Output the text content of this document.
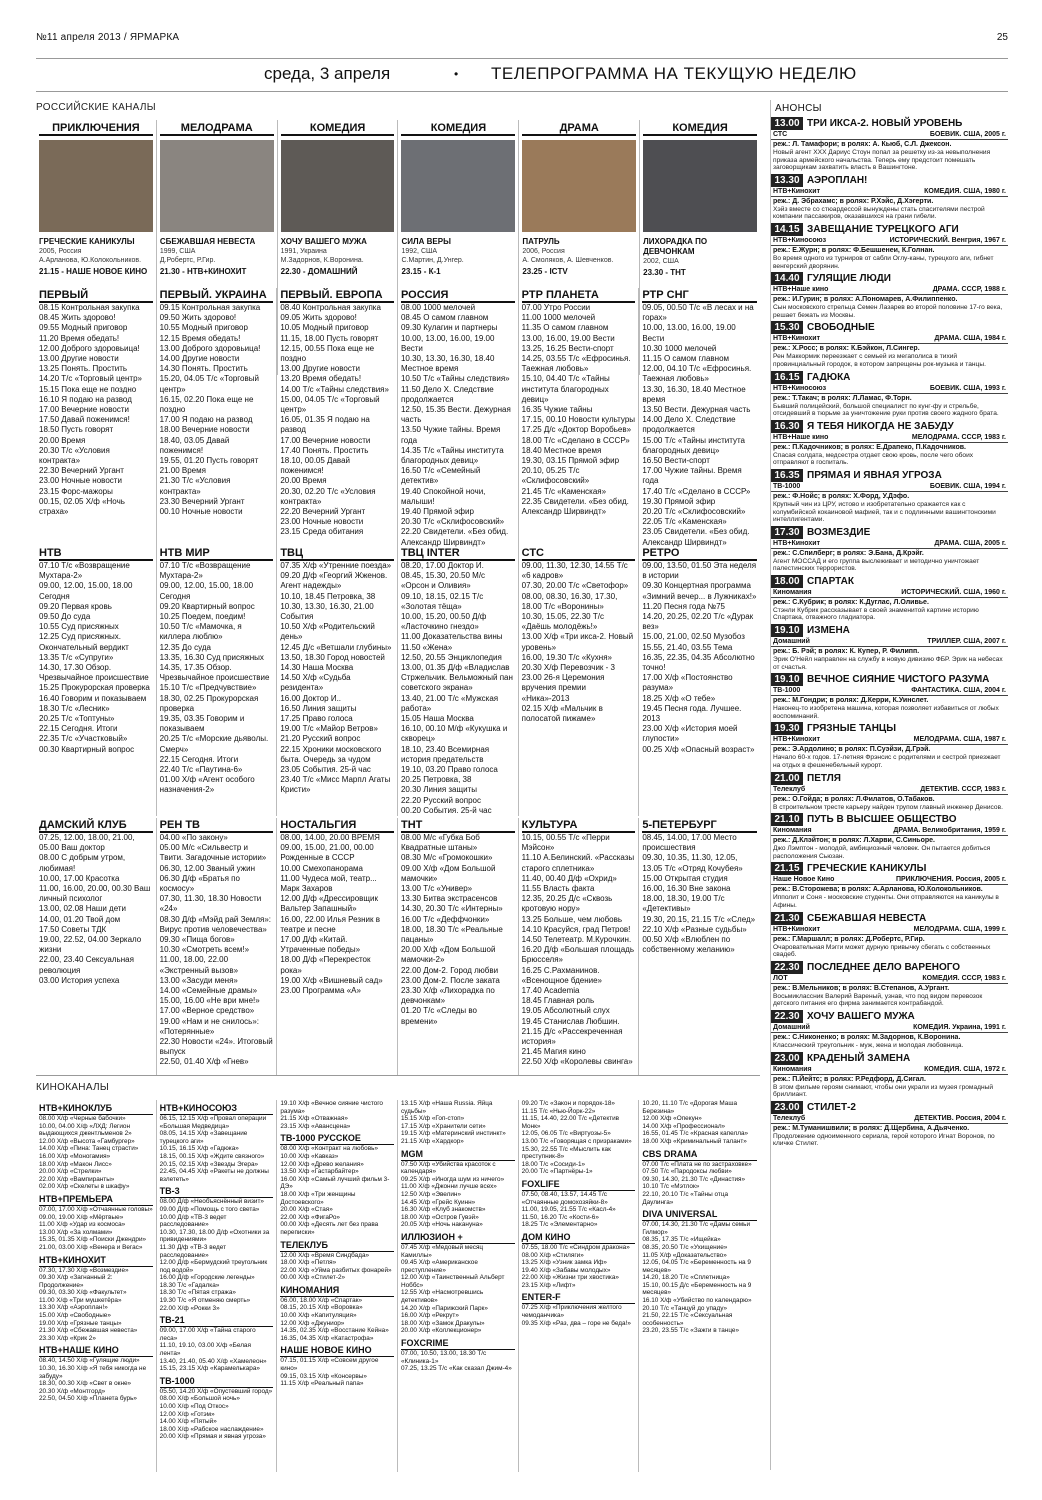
№11 апреля 2013 / ЯРМАРКА	25
среда, 3 апреля	• ТЕЛЕПРОГРАММА НА ТЕКУЩУЮ НЕДЕЛЮ
РОССИЙСКИЕ КАНАЛЫ
ПРИКЛЮЧЕНИЯ
ГРЕЧЕСКИЕ КАНИКУЛЫ
2005, Россия
А.Арланова, Ю.Колокольников.
21.15 - НАШЕ НОВОЕ КИНО
МЕЛОДРАМА
СБЕЖАВШАЯ НЕВЕСТА
1999, США
Д.Робертс, Р.Гир.
21.30 - НТВ+КИНОХИТ
КОМЕДИЯ
ХОЧУ ВАШЕГО МУЖА
1991, Украина
М.Задорнов, К.Воронина.
22.30 - ДОМАШНИЙ
КОМЕДИЯ
СИЛА ВЕРЫ
1992, США
С.Мартин, Д.Унгер.
23.15 - К-1
ДРАМА
ПАТРУЛЬ
2006, Россия
А. Смоляков, А. Шевченков.
23.25 - ICTV
КОМЕДИЯ
ЛИХОРАДКА ПО ДЕВЧОНКАМ
2002, США
23.30 - ТНТ
ПЕРВЫЙ
08.15 Контрольная закупка
08.45 Жить здорово!
09.55 Модный приговор
11.20 Время обедать!
12.00 Доброго здоровьица!
13.00 Другие новости
13.25 Понять. Простить
14.20 Т/с «Торговый центр»
15.15 Пока еще не поздно
16.10 Я подаю на развод
17.00 Вечерние новости
17.50 Давай поженимся!
18.50 Пусть говорят
20.00 Время
20.30 Т/с «Условия контракта»
22.30 Вечерний Ургант
23.00 Ночные новости
23.15 Форс-мажоры
00.15, 02.05 Х/ф «Ночь страха»
ПЕРВЫЙ. УКРАИНА
09.15 Контрольная закупка
09.50 Жить здорово!
10.55 Модный приговор
12.15 Время обедать!
13.00 Доброго здоровьица!
14.00 Другие новости
14.30 Понять. Простить
15.20, 04.05 Т/с «Торговый центр»
16.15, 02.20 Пока еще не поздно
17.00 Я подаю на развод
18.00 Вечерние новости
18.40, 03.05 Давай поженимся!
19.55, 01.20 Пусть говорят
21.00 Время
21.30 Т/с «Условия контракта»
23.30 Вечерний Ургант
00.10 Ночные новости
ПЕРВЫЙ. ЕВРОПА
08.40 Контрольная закупка
09.05 Жить здорово!
10.05 Модный приговор
11.15, 18.00 Пусть говорят
12.15, 00.55 Пока еще не поздно
13.00 Другие новости
13.20 Время обедать!
14.00 Т/с «Тайны следствия»
15.00, 04.05 Т/с «Торговый центр»
16.05, 01.35 Я подаю на развод
17.00 Вечерние новости
17.40 Понять. Простить
18.10, 00.05 Давай поженимся!
20.00 Время
20.30, 02.20 Т/с «Условия контракта»
22.20 Вечерний Ургант
23.00 Ночные новости
23.15 Среда обитания
РОССИЯ
08.00 1000 мелочей
08.45 О самом главном
09.30 Кулагин и партнеры
10.00, 13.00, 16.00, 19.00 Вести
10.30, 13.30, 16.30, 18.40 Местное время
10.50 Т/с «Тайны следствия»
11.50 Дело Х. Следствие продолжается
12.50, 15.35 Вести. Дежурная часть
13.50 Чужие тайны. Время года
14.35 Т/с «Тайны института благородных девиц»
16.50 Т/с «Семейный детектив»
19.40 Спокойной ночи, малыши!
19.40 Прямой эфир
20.30 Т/с «Склифосовский»
22.20 Свидетели. «Без обид. Александр Ширвиндт»
РТР ПЛАНЕТА
07.00 Утро России
11.00 1000 мелочей
11.35 О самом главном
13.00, 16.00, 19.00 Вести
13.25, 16.25 Вести-спорт
14.25, 03.55 Т/с «Ефросинья. Таежная любовь»
15.10, 04.40 Т/с «Тайны института благородных девиц»
16.35 Чужие тайны
17.15, 00.10 Новости культуры
17.25 Д/с «Доктор Воробьев»
18.00 Т/с «Сделано в СССР»
18.40 Местное время
19.30, 03.15 Прямой эфир
20.10, 05.25 Т/с «Склифосовский»
21.45 Т/с «Каменская»
22.35 Свидетели. «Без обид. Александр Ширвиндт»
РТР СНГ
09.05, 00.50 Т/с «В лесах и на горах»
10.00, 13.00, 16.00, 19.00 Вести
10.30 1000 мелочей
11.15 О самом главном
12.00, 04.10 Т/с «Ефросинья. Таежная любовь»
13.30, 16.30, 18.40 Местное время
13.50 Вести. Дежурная часть
14.00 Дело Х. Следствие продолжается
15.00 Т/с «Тайны института благородных девиц»
16.50 Вести-спорт
17.00 Чужие тайны. Время года
17.40 Т/с «Сделано в СССР»
19.30 Прямой эфир
20.20 Т/с «Склифосовский»
22.05 Т/с «Каменская»
23.05 Свидетели. «Без обид. Александр Ширвиндт»
НТВ
07.10 Т/с «Возвращение Мухтара-2»
09.00, 12.00, 15.00, 18.00 Сегодня
09.20 Первая кровь
09.50 До суда
10.55 Суд присяжных
12.25 Суд присяжных. Окончательный вердикт
13.35 Т/с «Супруги»
14.30, 17.30 Обзор. Чрезвычайное происшествие
15.25 Прокурорская проверка
16.40 Говорим и показываем
18.30 Т/с «Лесник»
20.25 Т/с «Топтуны»
22.15 Сегодня. Итоги
22.35 Т/с «Участковый»
00.30 Квартирный вопрос
НТВ МИР
07.10 Т/с «Возвращение Мухтара-2»
09.00, 12.00, 15.00, 18.00 Сегодня
09.20 Квартирный вопрос
10.25 Поедем, поедим!
10.50 Т/с «Мамочка, я киллера люблю»
12.35 До суда
13.35, 16.30 Суд присяжных
14.35, 17.35 Обзор. Чрезвычайное происшествие
15.10 Т/с «Предчувствие»
18.30, 02.25 Прокурорская проверка
19.35, 03.35 Говорим и показываем
20.25 Т/с «Морские дьяволы. Смерч»
22.15 Сегодня. Итоги
22.40 Т/с «Паутина-6»
01.00 Х/ф «Агент особого назначения-2»
ТВЦ
07.35 Х/ф «Утренние поезда»
09.20 Д/ф «Георгий Жженов. Агент надежды»
10.10, 18.45 Петровка, 38
10.30, 13.30, 16.30, 21.00 События
10.50 Х/ф «Родительский день»
12.45 Д/с «Ветшали глубины»
13.50, 18.30 Город новостей
14.30 Наша Москва
14.50 Х/ф «Судьба резидента»
16.00 Доктор И..
16.50 Линия защиты
17.25 Право голоса
19.00 Т/с «Майор Ветров»
21.20 Русский вопрос
22.15 Хроники московского быта. Очередь за чудом
23.05 События. 25-й час
23.40 Т/с «Мисс Марпл Агаты Кристи»
ТВЦ INTER
08.20, 17.00 Доктор И.
08.45, 15.30, 20.50 М/с «Орсон и Оливия»
09.10, 18.15, 02.15 Т/с «Золотая тёща»
10.00, 15.20, 00.50 Д/ф «Ласточкино гнездо»
11.00 Доказательства вины
11.50 «Жена»
12.50, 20.55 Энциклопедия
13.00, 01.35 Д/ф «Владислав Стржельчик. Вельможный пан советского экрана»
13.40, 21.00 Т/с «Мужская работа»
15.05 Наша Москва
16.10, 00.10 М/ф «Кукушка и скворец»
18.10, 23.40 Всемирная история предательств
19.10, 03.20 Право голоса
20.25 Петровка, 38
20.30 Линия защиты
22.20 Русский вопрос
00.20 События. 25-й час
СТС
09.00, 11.30, 12.30, 14.55 Т/с «6 кадров»
07.30, 20.00 Т/с «Светофор»
08.00, 08.30, 16.30, 17.30, 18.00 Т/с «Воронины»
10.30, 15.05, 22.30 Т/с «Даёшь молодёжь!»
13.00 Х/ф «Три икса-2. Новый уровень»
16.00, 19.30 Т/с «Кухня»
20.30 Х/ф Перевозчик - 3
23.00 26-я Церемония вручения премии «Ника»-2013
02.15 Х/ф «Мальчик в полосатой пижаме»
РЕТРО
09.00, 13.50, 01.50 Эта неделя в истории
09.30 Концертная программа «Зимний вечер... в Лужниках!»
11.20 Песня года №75
14.20, 20.25, 02.20 Т/с «Дурак вез»
15.00, 21.00, 02.50 Музобоз
15.55, 21.40, 03.55 Тема
16.35, 22.35, 04.35 Абсолютно точно!
17.00 Х/ф «Постоянство разума»
18.25 Х/ф «О тебе»
19.45 Песня года. Лучшее. 2013
23.00 Х/ф «История моей глупости»
00.25 Х/ф «Опасный возраст»
ДАМСКИЙ КЛУБ
07.25, 12.00, 18.00, 21.00, 05.00 Ваш доктор
08.00 С добрым утром, любимая!
10.00, 17.00 Красотка
11.00, 16.00, 20.00, 00.30 Ваш личный психолог
13.00, 02.08 Наши дети
14.00, 01.20 Твой дом
17.50 Советы ТДК
19.00, 22.52, 04.00 Зеркало жизни
22.00, 23.40 Сексуальная революция
03.00 История успеха
РЕН ТВ
04.00 «По закону»
05.00 М/с «Сильвестр и Твити. Загадочные истории»
06.30, 12.00 Званый ужин
06.30 Д/ф «Братья по космосу»
07.30, 11.30, 18.30 Новости «24»
08.30 Д/ф «Мэйд рай Земля»: Вирус против человечества»
09.30 «Пища богов»
10.30 «Смотреть всем!»
11.00, 18.00, 22.00 «Экстренный вызов»
13.00 «Засуди меня»
14.00 «Семейные драмы»
15.00, 16.00 «Не ври мне!»
17.00 «Верное средство»
19.00 «Нам и не снилось»: «Потерянные»
22.30 Новости «24». Итоговый выпуск
22.50, 01.40 Х/ф «Гнев»
НОСТАЛЬГИЯ
08.00, 14.00, 20.00 ВРЕМЯ
09.00, 15.00, 21.00, 00.00 Рожденные в СССР
10.00 Смехопанорама
11.00 Чудеса мой, театр... Марк Захаров
12.00 Д/ф «Дрессировщик Вальтер Запашный»
16.00, 22.00 Илья Резник в театре и песне
17.00 Д/ф «Китай. Утраченные победы»
18.00 Д/ф «Перекресток рока»
19.00 Х/ф «Вишневый сад»
23.00 Программа «А»
ТНТ
08.00 М/с «Губка Боб Квадратные штаны»
08.30 М/с «Громокошки»
09.00 Х/ф «Дом Большой мамочки»
13.00 Т/с «Универ»
13.30 Битва экстрасенсов
14.30, 20.30 Т/с «Интерны»
16.00 Т/с «Деффчонки»
18.00, 18.30 Т/с «Реальные пацаны»
20.00 Х/ф «Дом Большой мамочки-2»
22.00 Дом-2. Город любви
23.00 Дом-2. После заката
23.30 Х/ф «Лихорадка по девчонкам»
01.20 Т/с «Следы во времени»
КУЛЬТУРА
10.15, 00.55 Т/с «Перри Мэйсон»
11.10 А.Белинский. «Рассказы старого сплетника»
11.40, 00.40 Д/ф «Охрид»
11.55 Власть факта
12.35, 20.25 Д/с «Сквозь кротовую нору»
13.25 Больше, чем любовь
14.10 Красуйся, град Петров!
14.50 Телетеатр. М.Курочкин.
16.20 Д/ф «Большая площадь Брюсселя»
16.25 С.Рахманинов. «Всенощное бдение»
17.40 Academia
18.45 Главная роль
19.05 Абсолютный слух
19.45 Станислав Любшин.
21.15 Д/с «Рассекреченная история»
21.45 Магия кино
22.50 Х/ф «Королевы свинга»
5-ПЕТЕРБУРГ
08.45, 14.00, 17.00 Место происшествия
09.30, 10.35, 11.30, 12.05, 13.05 Т/с «Отряд Кочубея»
15.00 Открытая студия
16.00, 16.30 Вне закона
18.00, 18.30, 19.00 Т/с «Детективы»
19.30, 20.15, 21.15 Т/с «След»
22.10 Х/ф «Разные судьбы»
00.50 Х/ф «Влюблен по собственному желанию»
КИНОКАНАЛЫ
НТВ+КИНОКЛУБ
08.00 Х/ф «Черные бабочки»
10.00, 04.00 Х/ф «ЛХД: Легион выдающихся джентльменов 2»
12.00 Х/ф «Высота «Гамбургер»
14.00 Х/ф «Пина: Танец страсти»
16.00 Х/ф «Моногамия»
18.00 Х/ф «Макон Лисс»
20.00 Х/ф «Стрелки»
22.00 Х/ф «Вампиранты»
02.00 Х/ф «Скелеты в шкафу»
НТВ+ПРЕМЬЕРА
07.00, 17.00 Х/ф «Отчаянные головы»
09.00, 19.00 Х/ф «Мёртвые»
11.00 Х/ф «Удар из космоса»
13.00 Х/ф «За холмами»
15.35, 01.35 Х/ф «Поиски Джендри»
21.00, 03.00 Х/ф «Венера и Вегас»
НТВ+КИНОХИТ
07.30, 17.30 Х/ф «Возмездие»
09.30 Х/ф «Загнанный 2: Продолжение»
09.30, 03.30 Х/ф «Факультет»
11.00 Х/ф «Три мушкетёра»
13.30 Х/ф «Аэроплан!»
15.00 Х/ф «Свободные»
19.00 Х/ф «Грязные танцы»
21.30 Х/ф «Сбежавшая невеста»
23.30 Х/ф «Крик 2»
НТВ+НАШЕ КИНО
08.40, 14.50 Х/ф «Гулящие люди»
10.30, 16.30 Х/ф «Я тебя никогда не забуду»
18.30, 00.30 Х/ф «Свет в окне»
20.30 Х/ф «Монтгорд»
22.50, 04.50 Х/ф «Планета бурь»
НТВ+КИНОСОЮЗ
06.15, 12.15 Х/ф «Провал операции «Большая Медведица»
08.05, 14.15 Х/ф «Завещание турецкого аги»
10.15, 16.15 Х/ф «Гадюка»
18.15, 00.15 Х/ф «Ждите связного»
20.15, 02.15 Х/ф «Звезды Эгера»
22.45, 04.45 Х/ф «Ракеты не должны взлететь»
ТВ-3
08.00 Д/ф «Необъяснённый визит»
09.00 Д/ф «Помощь с того света»
10.00 Д/ф «ТВ-3 ведет расследование»
10.30, 17.30, 18.00 Д/ф «Охотники за привидениями»
11.30 Д/ф «ТВ-3 ведет расследование»
12.00 Д/ф «Бермудский треугольник под водой»
16.00 Д/ф «Городские легенды»
18.30 Т/с «Гадалка»
18.30 Т/с «Пятая стража»
19.30 Т/с «Я отменяю смерть»
22.00 Х/ф «Рокки 3»
ТВ-21
09.00, 17.00 Х/ф «Тайна старого леса»
11.10, 19.10, 03.00 Х/ф «Белая лента»
13.40, 21.40, 05.40 Х/ф «Хамелеон»
15.15, 23.15 Х/ф «Карамелькара»
ТВ-1000
05.50, 14.20 Х/ф «Опустевший город»
08.00 Х/ф «Большой ночь»
10.00 Х/ф «Под Откос»
12.00 Х/ф «Готэм»
14.00 Х/ф «Пятый»
18.00 Х/ф «Рабское наслаждение»
20.00 Х/ф «Прямая и явная угроза»
19.10 Х/ф «Вечное сияние чистого разума»
21.15 Х/ф «Отважная»
23.15 Х/ф «Авансцена»
ТВ-1000 РУССКОЕ
08.00 Х/ф «Контракт на любовь»
10.00 Х/ф «Кавказ»
12.00 Х/ф «Древо желания»
13.50 Х/ф «Гастарбайтер»
16.00 Х/ф «Самый лучший фильм 3-ДЭ»
18.00 Х/ф «Три женщины Достоевского»
20.00 Х/ф «Стая»
22.00 Х/ф «ФигаРо»
00.00 Х/ф «Десять лет без права переписки»
ТЕЛЕКЛУБ
12.00 Х/ф «Время Синдбада»
18.00 Х/ф «Петля»
22.00 Х/ф «Уйма разбитых фонарей»
00.00 Х/ф «Стилет-2»
КИНОМАНИЯ
06.00, 18.00 Х/ф «Спартак»
08.15, 20.15 Х/ф «Воровка»
10.00 Х/ф «Капитуляция»
12.00 Х/ф «Джуниор»
14.35, 02.35 Х/ф «Восстание Кейна»
16.35, 04.35 Х/ф «Катастрофа»
НАШЕ НОВОЕ КИНО
07.15, 01.15 Х/ф «Совсем другое кино»
09.15, 03.15 Х/ф «Консервы»
11.15 Х/ф «Реальный папа»
13.15 Х/ф «Наша Russia. Яйца судьбы»
15.15 Х/ф «Гоп-стоп»
17.15 Х/ф «Хранители сети»
19.15 Х/ф «Материнский инстинкт»
21.15 Х/ф «Хардкор»
MGM
07.50 Х/ф «Убийства красоток с календаря»
09.25 Х/ф «Иногда шум из ничего»
11.00 Х/ф «Джонни лучше всех»
12.50 Х/ф «Эвелин»
14.45 Х/ф «Грейс Куинн»
16.30 Х/ф «Клуб знакомств»
18.00 Х/ф «Остров Гувэй»
20.05 Х/ф «Ночь накануна»
ИЛЛЮЗИОН +
07.45 Х/ф «Медовый месяц Камиллы»
09.45 Х/ф «Американское преступление»
12.00 Х/ф «Таинственный Альберт Ноббс»
12.55 Х/ф «Насмотревшись детективов»
14.20 Х/ф «Парижский Парк»
16.00 Х/ф «Рекрут»
18.00 Х/ф «Замок Дракулы»
20.00 Х/ф «Коллекционер»
FOXCRIME
07.00, 10.50, 13.00, 18.30 Т/с «Клиника-1»
07.25, 13.25 Т/с «Как сказал Джим-4»
09.20 Т/с «Закон и порядок-18»
11.15 Т/с «Нью-Йорк-22»
11.15, 14.40, 22.00 Т/с «Детектив Монк»
12.05, 06.05 Т/с «Виртуозы-5»
13.00 Т/с «Говорящая с призраками»
15.30, 22.55 Т/с «Мыслить как преступник-8»
18.00 Т/с «Сосиди-1»
20.00 Т/с «Партнёры-1»
FOXLIFE
07.50, 08.40, 13.57, 14.45 Т/с «Отчаянные домохозяйки-8»
11.00, 19.05, 21.55 Т/с «Касл-4»
11.50, 16.20 Т/с «Кости-6»
18.25 Т/с «Элементарно»
ДОМ КИНО
07.55, 18.00 Т/с «Синдром дракона»
08.00 Х/ф «Стиляги»
13.25 Х/ф «Узник замка Иф»
19.40 Х/ф «Забавы молодых»
22.00 Х/ф «Жизни три хвостика»
23.15 Х/ф «Лифт»
ENTER-F
07.25 Х/ф «Приключения желтого чемоданчика»
09.35 Х/ф «Раз, два – горе не беда!»
10.20, 11.10 Т/с «Дорогая Маша Березина»
12.00 Х/ф «Опекун»
14.00 Х/ф «Профессионал»
16.55, 01.45 Т/с «Красная капелла»
18.00 Х/ф «Криминальный талант»
CBS DRAMA
07.00 Т/с «Плата не по застраховке»
07.50 Т/с «Пародоксы любви»
09.30, 14.30, 21.30 Т/с «Династия»
10.10 Т/с «Мэтлок»
22.10, 20.10 Т/с «Тайны отца Даулинга»
DIVA UNIVERSAL
07.00, 14.30, 21.30 Т/с «Дамы семьи Гилмор»
08.35, 17.35 Т/с «Ищейка»
08.35, 20.50 Т/с «Ухищение»
11.05 Х/ф «Доказательство»
12.05, 04.05 Т/с «Беременность на 9 месяцев»
14.20, 18.20 Т/с «Сплетница»
15.10, 00.15 Д/с «Беременность на 9 месяцев»
16.10 Х/ф «Убийство по календарю»
20.10 Т/с «Танцуй до упаду»
21.50, 22.15 Т/с «Сексуальная особенность»
23.20, 23.55 Т/с «Зажги в танце»
АНОНСЫ
13.00 ТРИ ИКСА-2. НОВЫЙ УРОВЕНЬ
СТС	БОЕВИК. США, 2005 г.
реж.: Л. Тамафори; в ролях: А. Кьюб, С.Л. Джексон.
Новый агент XXX Дариус Стоун попал за решетку из-за невыполнения приказа армейского начальства. Теперь ему предстоит помешать заговорщикам захватить власть в Вашингтоне.
13.30 АЭРОПЛАН!
НТВ+Кинохит	КОМЕДИЯ. США, 1980 г.
реж.: Д. Эбрахамс; в ролях: Р.Хэйс, Д.Хэгерти.
Хэйз вместе со стюардессой вынуждены стать спасителями пестрой компании пассажиров, оказавшихся на грани гибели.
14.15 ЗАВЕЩАНИЕ ТУРЕЦКОГО АГИ
НТВ+Киносоюз	ИСТОРИЧЕСКИЙ. Венгрия, 1967 г.
реж.: Е.Журн; в ролях: Ф.Бешшенеи, К.Голнан.
Во время одного из турниров от сабли Оглу-каны, турецкого аги, гибнет венгерский дворянин.
14.40 ГУЛЯЩИЕ ЛЮДИ
НТВ+Наше кино	ДРАМА. СССР, 1988 г.
реж.: И.Гурин; в ролях: А.Пономарев, А.Филиппенко.
Сын московского стрельца Семен Лазарев во второй половине 17-го века, решает бежать из Москвы.
15.30 СВОБОДНЫЕ
НТВ+Кинохит	ДРАМА. США, 1984 г.
реж.: Х.Росс; в ролях: К.Бэйкон, Л.Сингер.
Рен Маккормик переезжает с семьей из мегаполиса в тихий провинциальный городок, в котором запрещены рок-музыка и танцы.
16.15 ГАДЮКА
НТВ+Киносоюз	БОЕВИК. США, 1993 г.
реж.: Т.Такач; в ролях: Л.Ламас, Ф.Торн.
Бывший полицейский, большой специалист по кунг-фу и стрельбе, отсидевший в тюрьме за уничтожение руки против своего жадного брата.
16.30 Я ТЕБЯ НИКОГДА НЕ ЗАБУДУ
НТВ+Наше кино	МЕЛОДРАМА. СССР, 1983 г.
реж.: П.Кадочников; в ролях: Е.Драпеко, П.Кадочников.
Спасая солдата, медсестра отдает свою кровь, после чего обоих отправляют в госпиталь.
16.35 ПРЯМАЯ И ЯВНАЯ УГРОЗА
ТВ-1000	БОЕВИК. США, 1994 г.
реж.: Ф.Нойс; в ролях: Х.Форд, У.Дэфо.
Крупный чин из ЦРУ, истово и изобретательно сражается как с колумбийской кокаиновой мафией, так и с подлинными вашингтонскими интеллигентами.
17.30 ВОЗМЕЗДИЕ
НТВ+Кинохит	ДРАМА. США, 2005 г.
реж.: С.Спилберг; в ролях: Э.Бана, Д.Крэйг.
Агент МОССАД и его группа выслеживает и методично уничтожает палестинских террористов.
18.00 СПАРТАК
Киномания	ИСТОРИЧЕСКИЙ. США, 1960 г.
реж.: С.Кубрик; в ролях: К.Дуглас, Л.Оливье.
Стэнли Кубрик рассказывает в своей знаменитой картине историю Спартака, отважного гладиатора.
19.10 ИЗМЕНА
Домашний	ТРИЛЛЕР. США, 2007 г.
реж.: Б. Рэй; в ролях: К. Купер, Р. Филипп.
Эрик О'Нейл направлен на службу в новую дивизию ФБР. Эрик на небесах от счастья.
19.10 ВЕЧНОЕ СИЯНИЕ ЧИСТОГО РАЗУМА
ТВ-1000	ФАНТАСТИКА. США, 2004 г.
реж.: М.Гондри; в ролях: Д.Керри, К.Уинслет.
Наконец-то изобретена машина, которая позволяет избавиться от любых воспоминаний.
19.30 ГРЯЗНЫЕ ТАНЦЫ
НТВ+Кинохит	МЕЛОДРАМА. США, 1987 г.
реж.: Э.Ардолино; в ролях: П.Суэйзи, Д.Грэй.
Начало 60-х годов. 17-летняя Фрэнсис с родителями и сестрой приезжает на отдых в фешенебельный курорт.
21.00 ПЕТЛЯ
Телеклуб	ДЕТЕКТИВ. СССР, 1983 г.
реж.: О.Гойда; в ролях: Л.Филатов, О.Табаков.
В строительном тресте карьеру найден трупом главный инженер Денисов.
21.10 ПУТЬ В ВЫСШЕЕ ОБЩЕСТВО
Киномания	ДРАМА. Великобритания, 1959 г.
реж.: Д.Клэйтон; в ролях: Л.Харви, С.Синьоре.
Джо Лэмптон - молодой, амбициозный человек. Он пытается добиться расположения Сьюзан.
21.15 ГРЕЧЕСКИЕ КАНИКУЛЫ
Наше Новое Кино	ПРИКЛЮЧЕНИЯ. Россия, 2005 г.
реж.: В.Сторожева; в ролях: А.Арланова, Ю.Колокольников.
Ипполит и Соня - московские студенты. Они отправляются на каникулы в Афины.
21.30 СБЕЖАВШАЯ НЕВЕСТА
НТВ+Кинохит	МЕЛОДРАМА. США, 1999 г.
реж.: Г.Маршалл; в ролях: Д.Робертс, Р.Гир.
Очаровательная Мэгги может дурную привычку сбегать с собственных свадеб.
22.30 ПОСЛЕДНЕЕ ДЕЛО ВАРЕНОГО
ЛОТ	КОМЕДИЯ. СССР, 1983 г.
реж.: В.Мельников; в ролях: В.Степанов, А.Ургант.
Восьмиклассник Валерий Вареный, узнав, что под видом перевозок детского питания его фирма занимается контрабандой.
22.30 ХОЧУ ВАШЕГО МУЖА
Домашний	КОМЕДИЯ. Украина, 1991 г.
реж.: С.Никоненко; в ролях: М.Задорнов, К.Воронина.
Классический треугольник - муж, жена и молодая любовница.
23.00 КРАДЕНЫЙ ЗАМЕНА
Киномания	КОМЕДИЯ. США, 1972 г.
реж.: П.Йейтс; в ролях: Р.Редфорд, Д.Сигал.
В этом фильме героям снимают, чтобы они украли из музея громадный бриллиант.
23.00 СТИЛЕТ-2
Телеклуб	ДЕТЕКТИВ. Россия, 2004 г.
реж.: М.Туманишвили; в ролях: Д.Щербина, А.Дьяченко.
Продолжение одноименного сериала, герой которого Игнат Воронов, по кличке Стилет.
